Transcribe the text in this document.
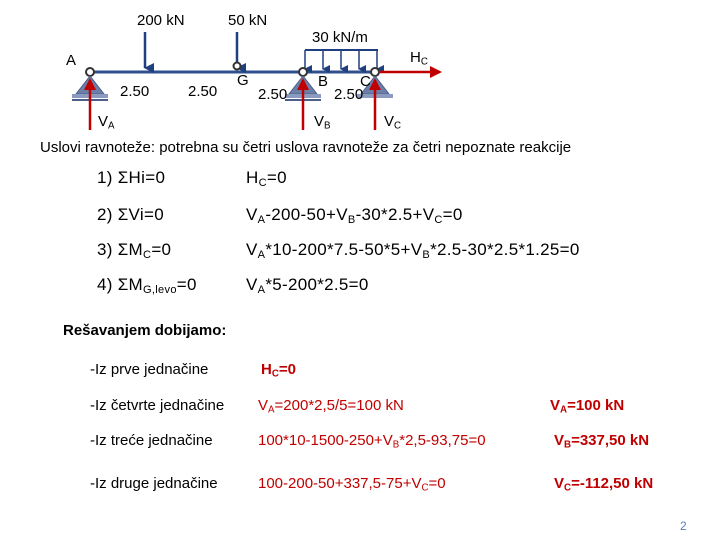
200 kN	50 kN
30 kN/m
A	$H_C$
2.50	2.50
G
2.50
B C
2.50
$V_A$	$V_B$	$V_C$
Uslovi ravnoteže: potrebna su četri uslova ravnoteže za četri nepoznate reakcije
1) ΣHi=0	$H_C=0$
2) ΣVi=0	$V_A-200-50+V_B-30*2.5+V_C=0$
3) $\Sigma M_C=0$	$V_A*10-200*7.5-50*5+V_B*2.5-30*2.5*1.25=0$
4) $\Sigma M_{G,levo}=0$	$V_A*5-200*2.5=0$
Rešavanjem dobijamo:
-Iz prve jednačine	$H_C=0$
-Iz četvrte jednačine $V_A=200*2,5/5=100$ kN	$V_A=100$ kN
-Iz treće jednačine	$100*10-1500-250+V_B*2,5-93,75=0$	$V_B=337,50$ kN
-Iz druge jednačine	$100-200-50+337,5-75+V_C=0$	$V_C=-112,50$ kN
2
